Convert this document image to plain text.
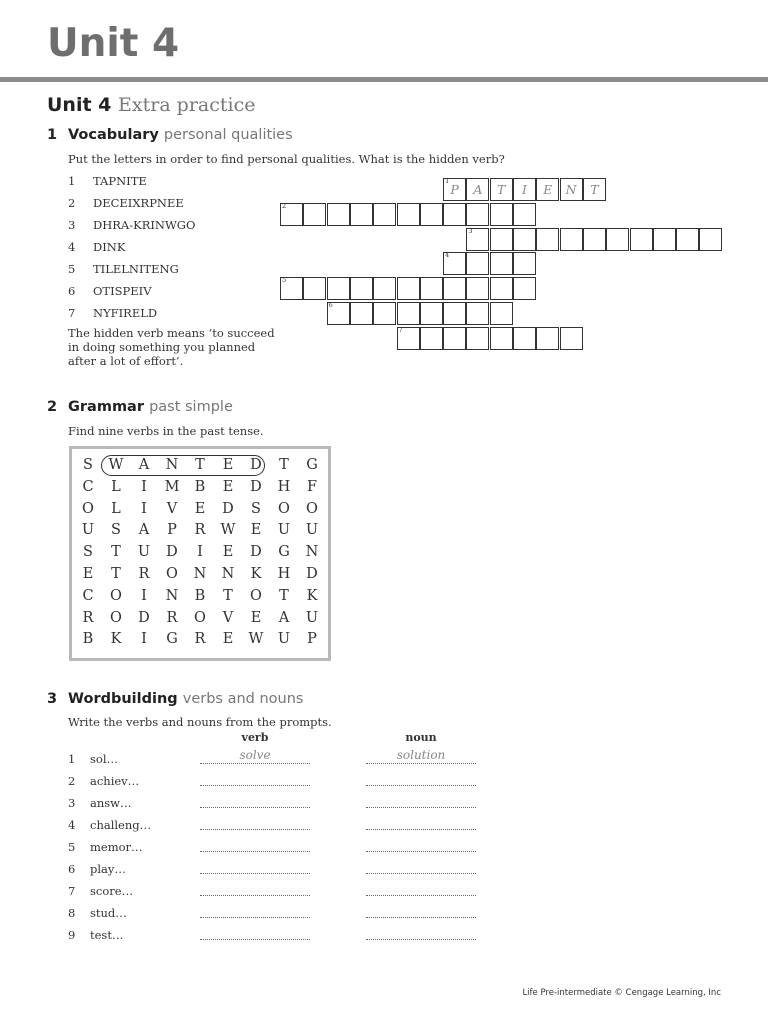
Unit 4
Unit 4 Extra practice
1 Vocabulary personal qualities

Put the letters in order to find personal qualities. What is the hidden verb?

1 TAPNITE
2 DECEIXRPNEE
3 DHRA-KRINWGO
4 DINK
5 TILELNITENG
6 OTISPEIV
7 NYFIRELD
The hidden verb means ‘to succeed in doing something you planned after a lot of effort’.
1
P	A	T	I	E	N	T
2
3
4
5
6
7
2 Grammar past simple

Find nine verbs in the past tense.

S	W	A	N	T	E	D	T	G
C	L	I	M	B	E	D H	F
O	L	I	V	E	D	S	O O
U	S	A	P	R	W	E	U U
S	T	U D	I	E	D G N
E	T	R	O N N	K	H D
C	O	I	N	B	T	O	T	K
R	O D	R	O	V	E	A	U
B	K	I	G	R	E	W U	P
3 Wordbuilding verbs and nouns

Write the verbs and nouns from the prompts.

verb	noun
1 sol…	solve	solution
2 achiev…
3 answ…
4 challeng…
5 memor…
6 play…
7 score…
8 stud…
9 test…
Life Pre-intermediate © Cengage Learning, Inc
